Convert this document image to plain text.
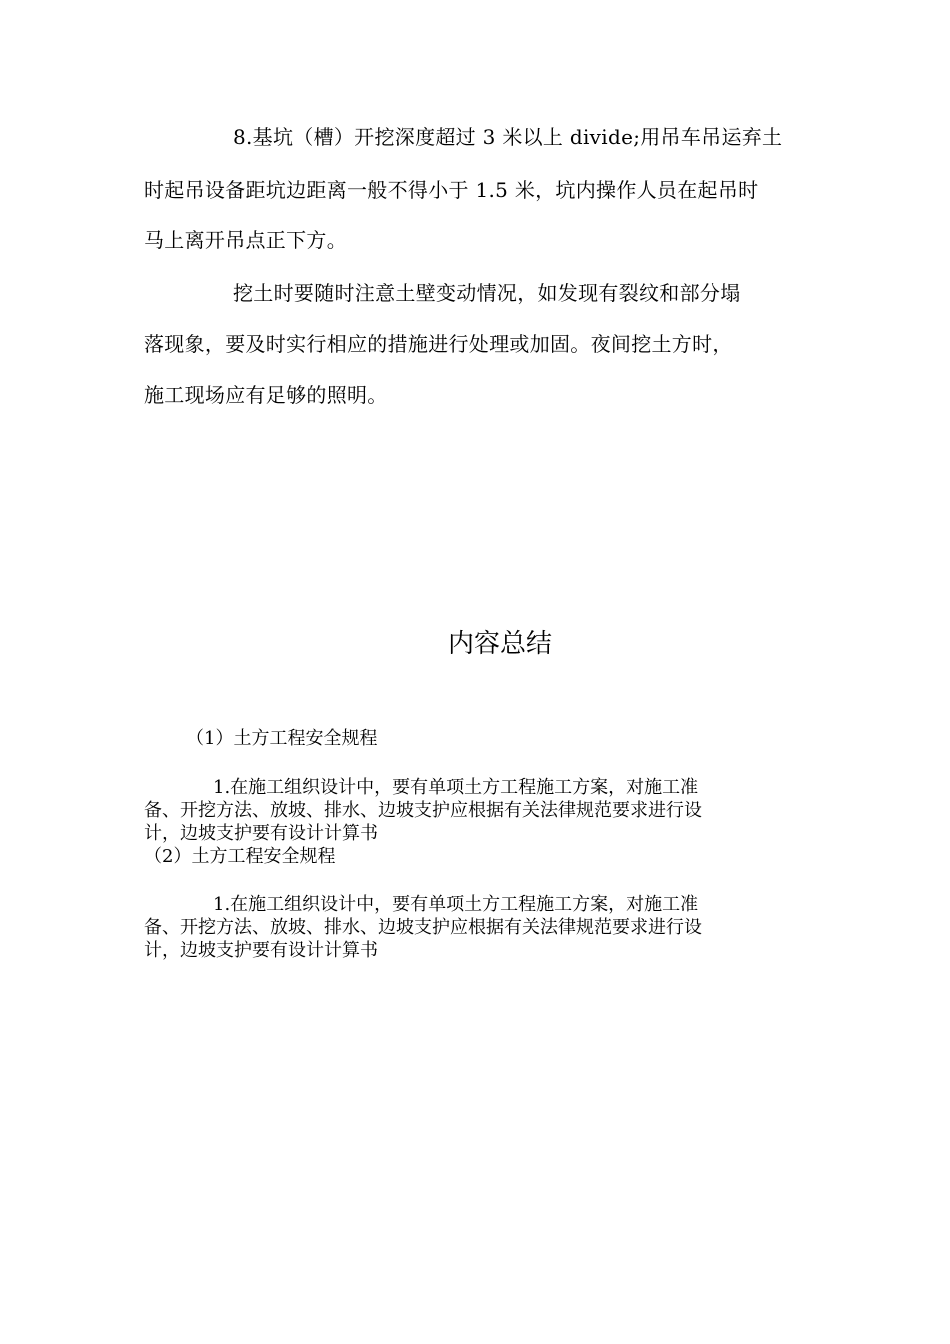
8.基坑（槽）开挖深度超过 3 米以上 divide;用吊车吊运弃土

时起吊设备距坑边距离一般不得小于 1.5 米，坑内操作人员在起吊时

马上离开吊点正下方。

挖土时要随时注意土壁变动情况，如发现有裂纹和部分塌

落现象，要及时实行相应的措施进行处理或加固。夜间挖土方时，

施工现场应有足够的照明。

内容总结

（1）土方工程安全规程

1.在施工组织设计中，要有单项土方工程施工方案，对施工准

备、开挖方法、放坡、排水、边坡支护应根据有关法律规范要求进行设

计，边坡支护要有设计计算书

（2）土方工程安全规程

1.在施工组织设计中，要有单项土方工程施工方案，对施工准

备、开挖方法、放坡、排水、边坡支护应根据有关法律规范要求进行设

计，边坡支护要有设计计算书
